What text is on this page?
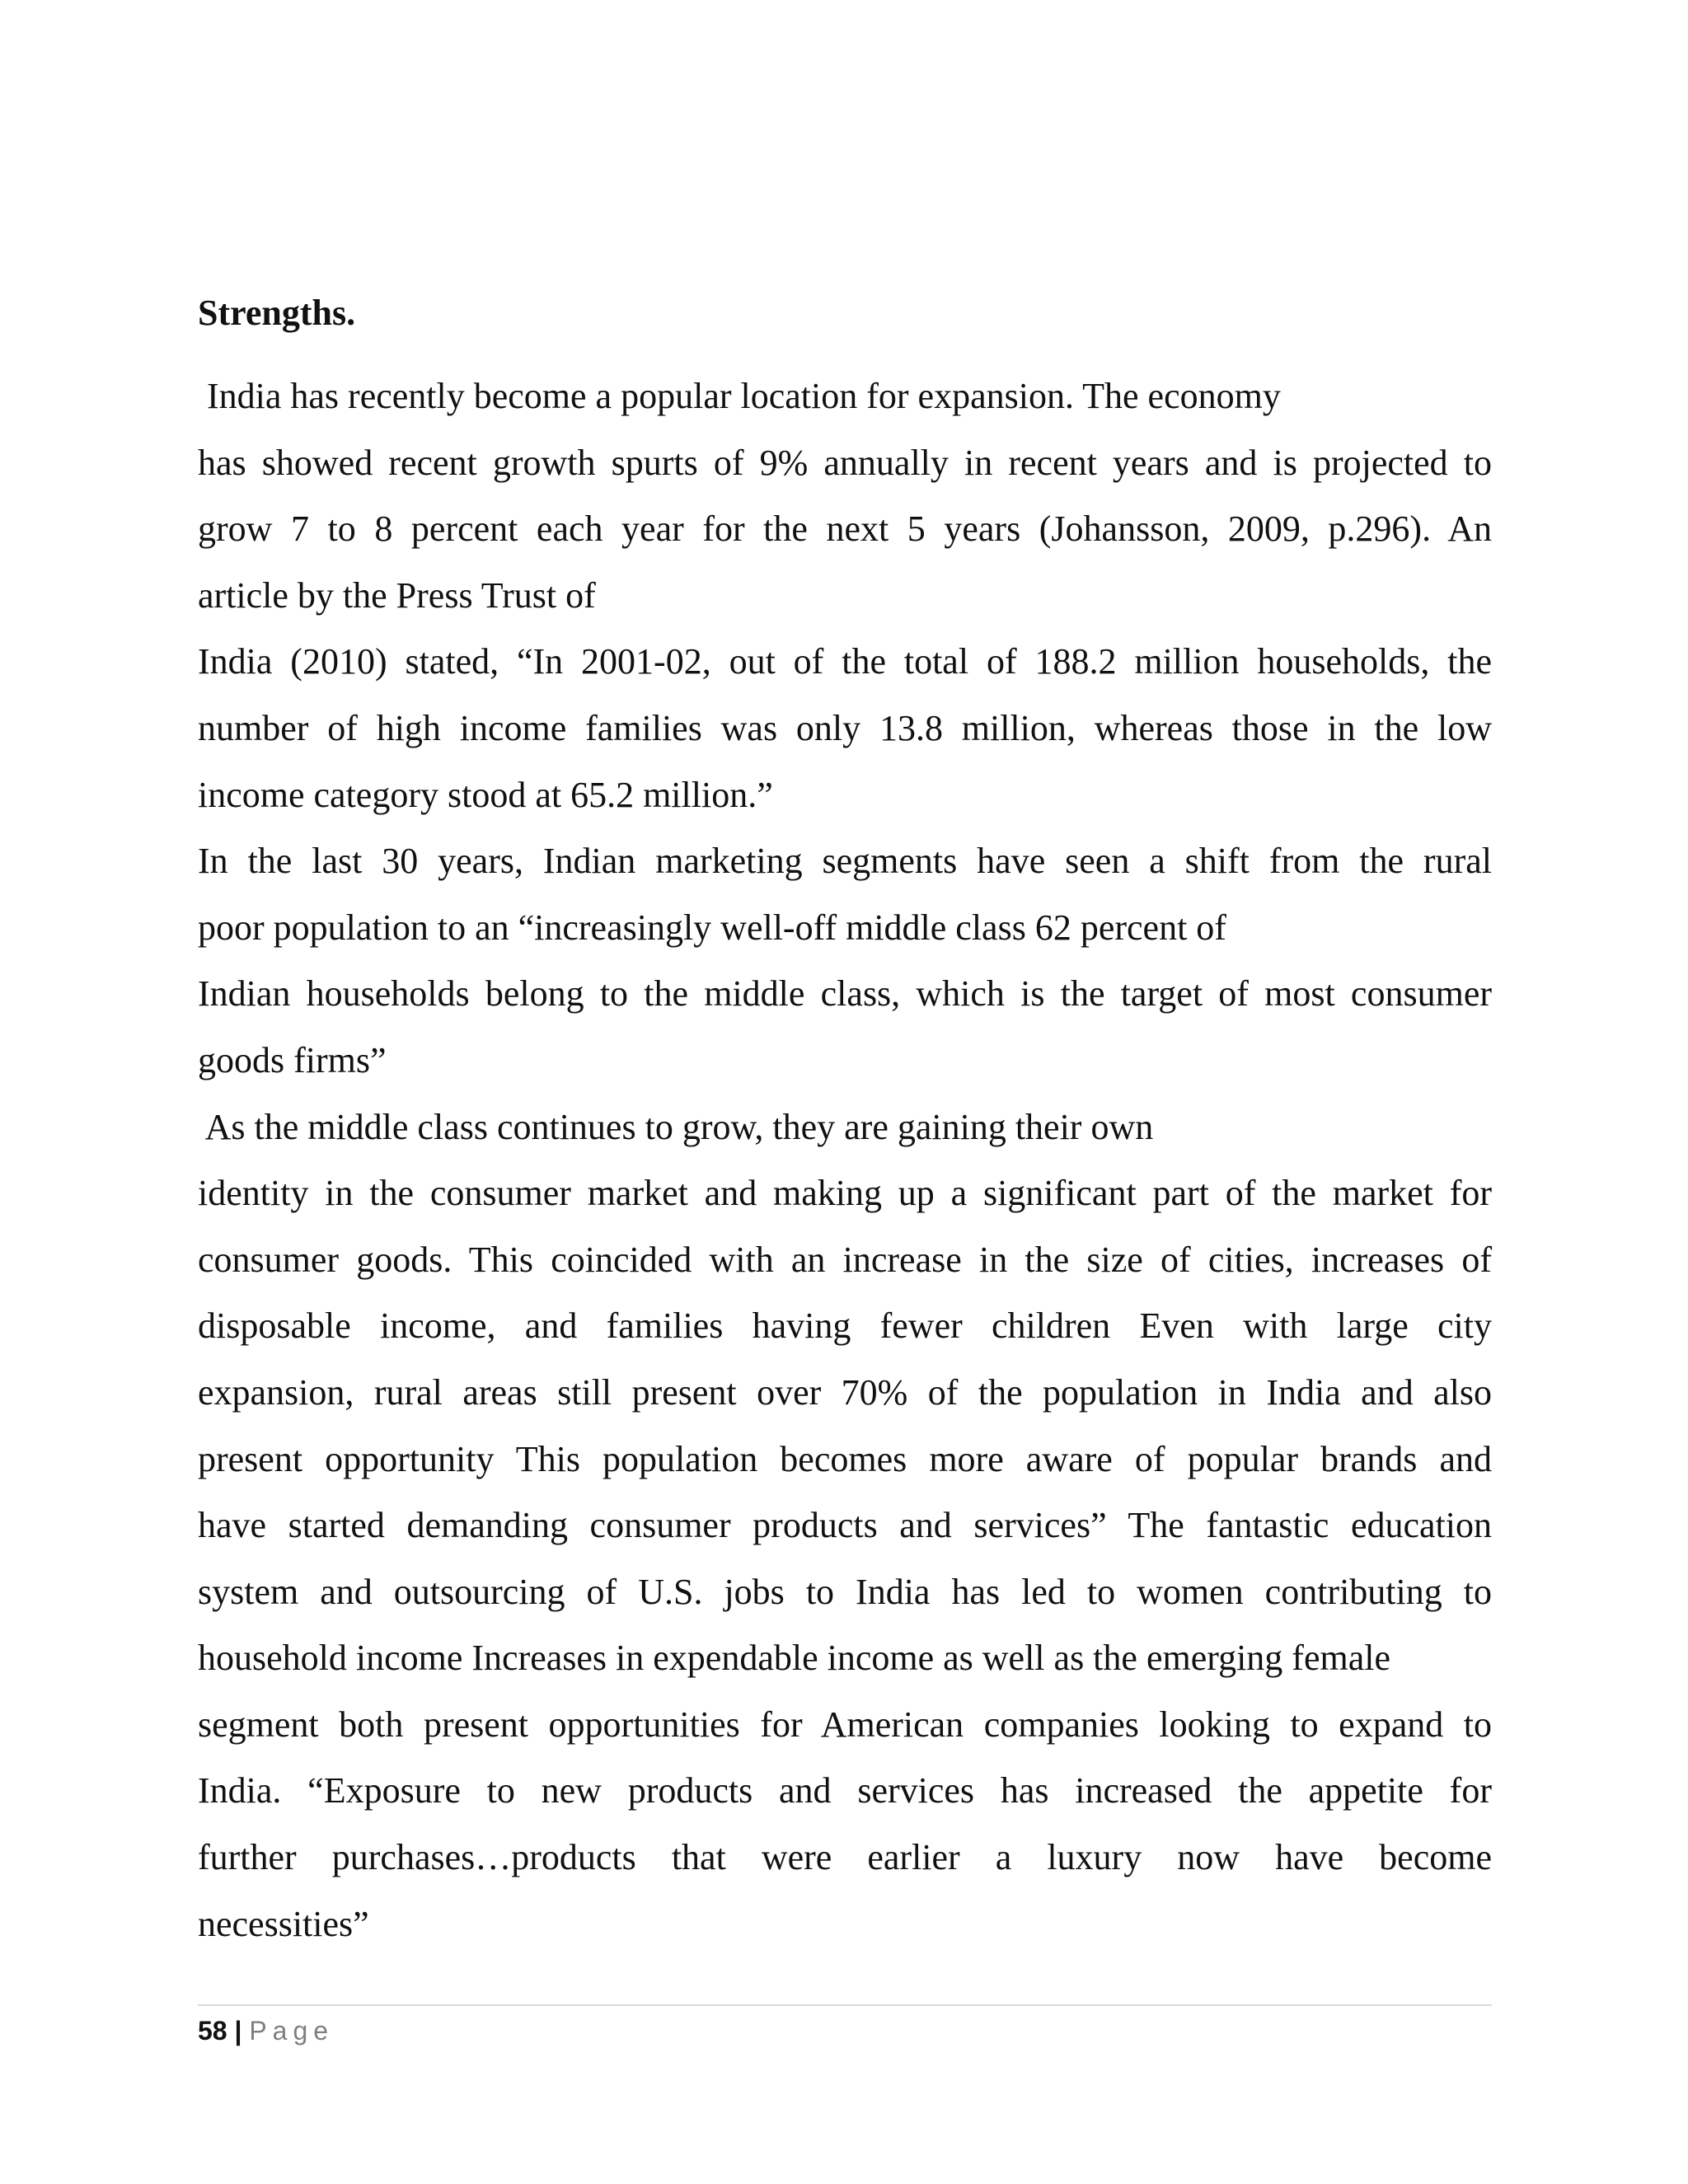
Strengths.
India has recently become a popular location for expansion. The economy
has showed recent growth spurts of 9% annually in recent years and is projected to
grow 7 to 8 percent each year for the next 5 years (Johansson, 2009, p.296). An
article by the Press Trust of
India (2010) stated, “In 2001-02, out of the total of 188.2 million households, the
number of high income families was only 13.8 million, whereas those in the low
income category stood at 65.2 million.”
In the last 30 years, Indian marketing segments have seen a shift from the rural
poor population to an “increasingly well-off middle class 62 percent of
Indian households belong to the middle class, which is the target of most consumer
goods firms”
As the middle class continues to grow, they are gaining their own
identity in the consumer market and making up a significant part of the market for
consumer goods. This coincided with an increase in the size of cities, increases of
disposable income, and families having fewer children Even with large city
expansion, rural areas still present over 70% of the population in India and also
present opportunity This population becomes more aware of popular brands and
have started demanding consumer products and services” The fantastic education
system and outsourcing of U.S. jobs to India has led to women contributing to
household income Increases in expendable income as well as the emerging female
segment both present opportunities for American companies looking to expand to
India. “Exposure to new products and services has increased the appetite for
further purchases…products that were earlier a luxury now have become
necessities”
58 | Page
